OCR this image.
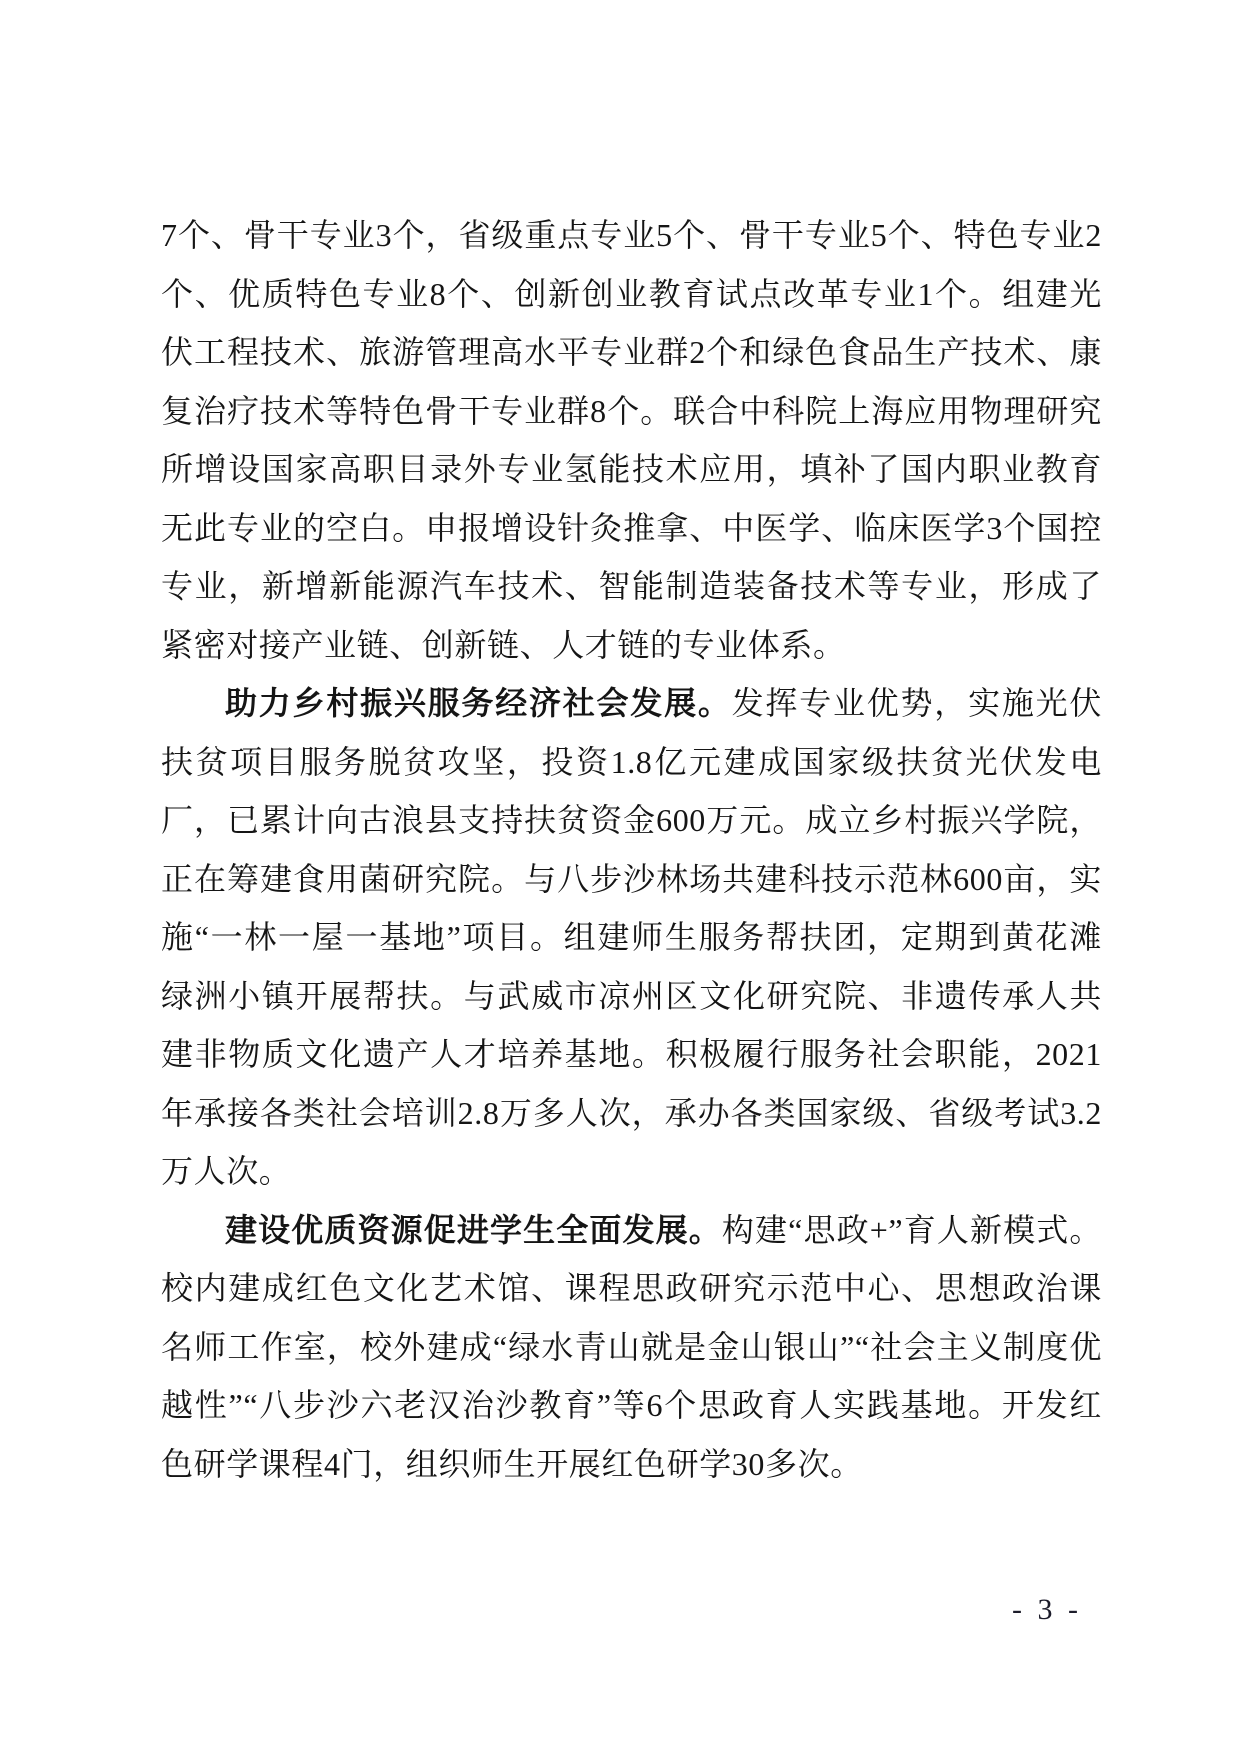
7个、骨干专业3个，省级重点专业5个、骨干专业5个、特色专业2个、优质特色专业8个、创新创业教育试点改革专业1个。组建光伏工程技术、旅游管理高水平专业群2个和绿色食品生产技术、康复治疗技术等特色骨干专业群8个。联合中科院上海应用物理研究所增设国家高职目录外专业氢能技术应用，填补了国内职业教育无此专业的空白。申报增设针灸推拿、中医学、临床医学3个国控专业，新增新能源汽车技术、智能制造装备技术等专业，形成了紧密对接产业链、创新链、人才链的专业体系。

助力乡村振兴服务经济社会发展。发挥专业优势，实施光伏扶贫项目服务脱贫攻坚，投资1.8亿元建成国家级扶贫光伏发电厂，已累计向古浪县支持扶贫资金600万元。成立乡村振兴学院，正在筹建食用菌研究院。与八步沙林场共建科技示范林600亩，实施“一林一屋一基地”项目。组建师生服务帮扶团，定期到黄花滩绿洲小镇开展帮扶。与武威市凉州区文化研究院、非遗传承人共建非物质文化遗产人才培养基地。积极履行服务社会职能，2021年承接各类社会培训2.8万多人次，承办各类国家级、省级考试3.2万人次。

建设优质资源促进学生全面发展。构建“思政+”育人新模式。校内建成红色文化艺术馆、课程思政研究示范中心、思想政治课名师工作室，校外建成“绿水青山就是金山银山”“社会主义制度优越性”“八步沙六老汉治沙教育”等6个思政育人实践基地。开发红色研学课程4门，组织师生开展红色研学30多次。

- 3 -
